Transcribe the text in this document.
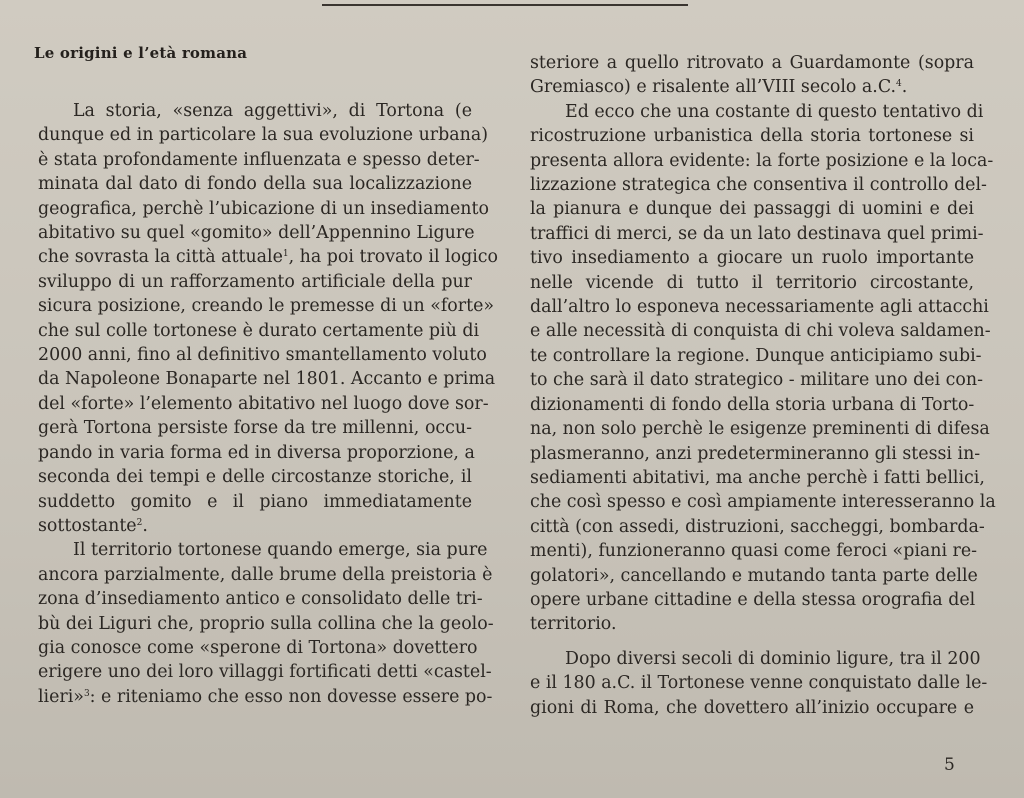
Le origini e l’età romana
La storia, «senza aggettivi», di Tortona (e
dunque ed in particolare la sua evoluzione urbana)
è stata profondamente influenzata e spesso deter-
minata dal dato di fondo della sua localizzazione
geografica, perchè l’ubicazione di un insediamento
abitativo su quel «gomito» dell’Appennino Ligure
che sovrasta la città attuale$^1$, ha poi trovato il logico
sviluppo di un rafforzamento artificiale della pur
sicura posizione, creando le premesse di un «forte»
che sul colle tortonese è durato certamente più di
2000 anni, fino al definitivo smantellamento voluto
da Napoleone Bonaparte nel 1801. Accanto e prima
del «forte» l’elemento abitativo nel luogo dove sor-
gerà Tortona persiste forse da tre millenni, occu-
pando in varia forma ed in diversa proporzione, a
seconda dei tempi e delle circostanze storiche, il
suddetto gomito e il piano immediatamente
sottostante$^2$.
Il territorio tortonese quando emerge, sia pure
ancora parzialmente, dalle brume della preistoria è
zona d’insediamento antico e consolidato delle tri-
bù dei Liguri che, proprio sulla collina che la geolo-
gia conosce come «sperone di Tortona» dovettero
erigere uno dei loro villaggi fortificati detti «castel-
lieri»$^3$: e riteniamo che esso non dovesse essere po-
steriore a quello ritrovato a Guardamonte (sopra
Gremiasco) e risalente all’VIII secolo a.C.$^4$.
Ed ecco che una costante di questo tentativo di
ricostruzione urbanistica della storia tortonese si
presenta allora evidente: la forte posizione e la loca-
lizzazione strategica che consentiva il controllo del-
la pianura e dunque dei passaggi di uomini e dei
traffici di merci, se da un lato destinava quel primi-
tivo insediamento a giocare un ruolo importante
nelle vicende di tutto il territorio circostante,
dall’altro lo esponeva necessariamente agli attacchi
e alle necessità di conquista di chi voleva saldamen-
te controllare la regione. Dunque anticipiamo subi-
to che sarà il dato strategico - militare uno dei con-
dizionamenti di fondo della storia urbana di Torto-
na, non solo perchè le esigenze preminenti di difesa
plasmeranno, anzi predetermineranno gli stessi in-
sediamenti abitativi, ma anche perchè i fatti bellici,
che così spesso e così ampiamente interesseranno la
città (con assedi, distruzioni, saccheggi, bombarda-
menti), funzioneranno quasi come feroci «piani re-
golatori», cancellando e mutando tanta parte delle
opere urbane cittadine e della stessa orografia del
territorio.
Dopo diversi secoli di dominio ligure, tra il 200
e il 180 a.C. il Tortonese venne conquistato dalle le-
gioni di Roma, che dovettero all’inizio occupare e
5
